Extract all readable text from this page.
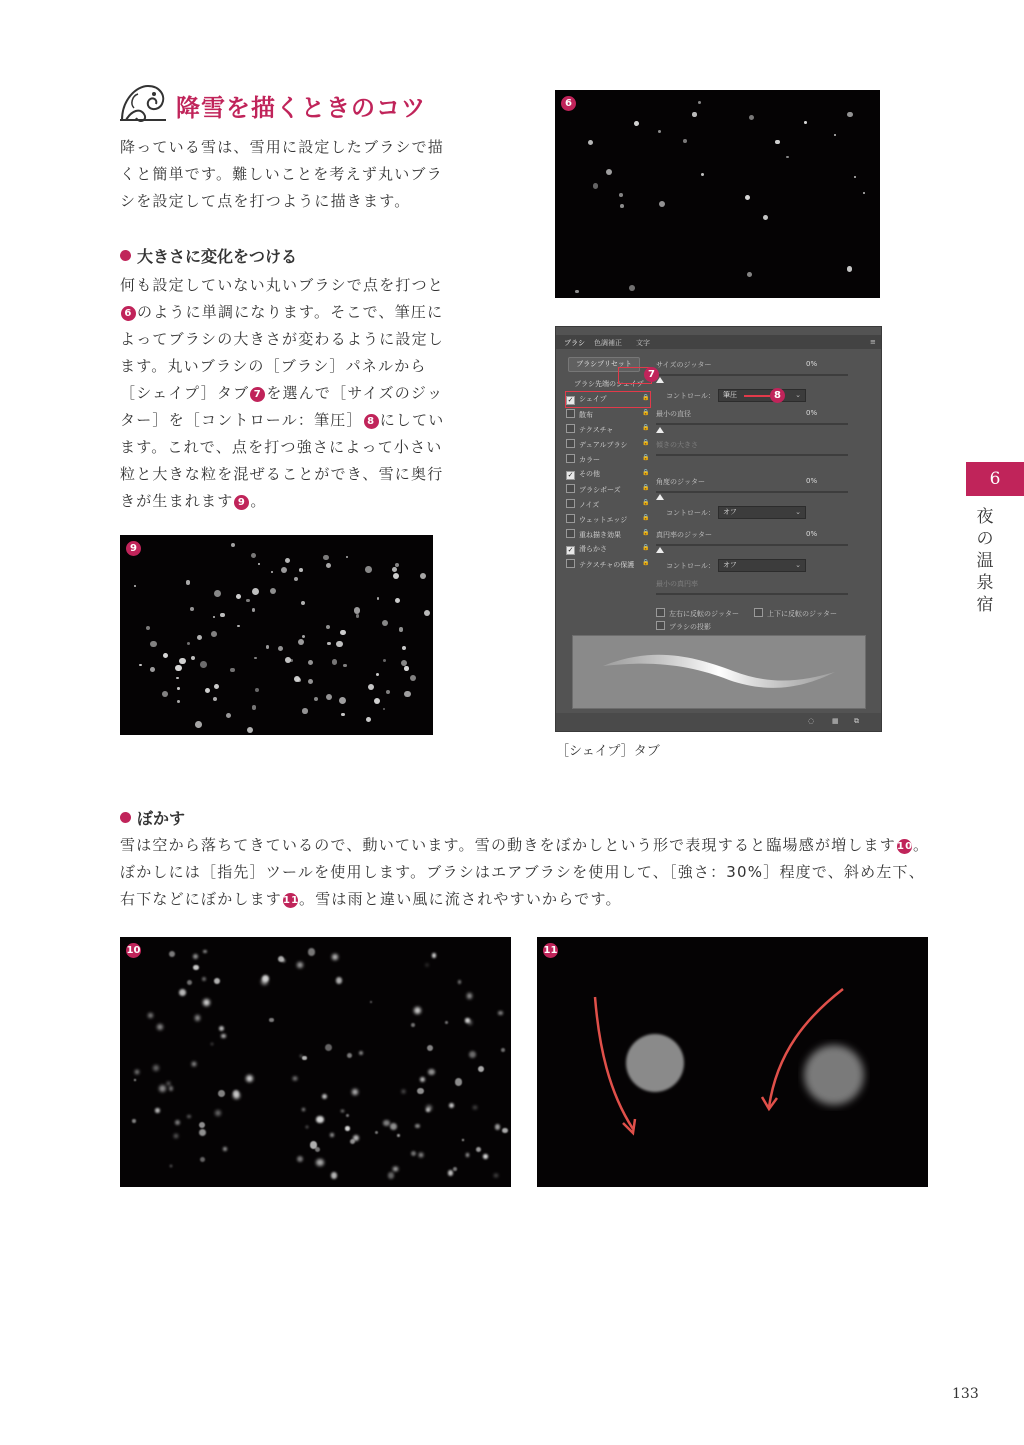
降雪を描くときのコツ
降っている雪は、雪用に設定したブラシで描くと簡単です。難しいことを考えず丸いブラシを設定して点を打つように描きます。
大きさに変化をつける
何も設定していない丸いブラシで点を打つと6 のように単調になります。そこで、筆圧によってブラシの大きさが変わるように設定します。丸いブラシの［ブラシ］パネルから［シェイプ］タブ 7 を選んで［サイズのジッター］を［コントロール：筆圧］ 8 にしています。これで、点を打つ強さによって小さい粒と大きな粒を混ぜることができ、雪に奥行きが生まれます 9 。
6
9
ブラシ 色調補正 文字	≡
ブラシプリセット
ブラシ先端のシェイプ
✓ シェイプ	🔒
散布	🔒
テクスチャ	🔒
デュアルブラシ 🔒
カラー	🔒
✓ その他	🔒
ブラシポーズ	🔒
ノイズ	🔒
ウェットエッジ 🔒
重ね描き効果	🔒
✓ 滑らかさ	🔒
テクスチャの保護 🔒
サイズのジッター	0%
コントロール：	筆圧	⌄
最小の直径	0%
傾きの大きさ
角度のジッター	0%
コントロール：	オフ	⌄
真円率のジッター	0%
コントロール：	オフ	⌄
最小の真円率
左右に反転のジッター	上下に反転のジッター
ブラシの投影
◌	▦ ⧉
7
8
［シェイプ］タブ
6
夜の温泉宿
ぼかす
雪は空から落ちてきているので、動いています。雪の動きをぼかしという形で表現すると臨場感が増します10。ぼかしには［指先］ツールを使用します。ブラシはエアブラシを使用して、［強さ：30%］程度で、斜め左下、右下などにぼかします11。雪は雨と違い風に流されやすいからです。
10	11
133
